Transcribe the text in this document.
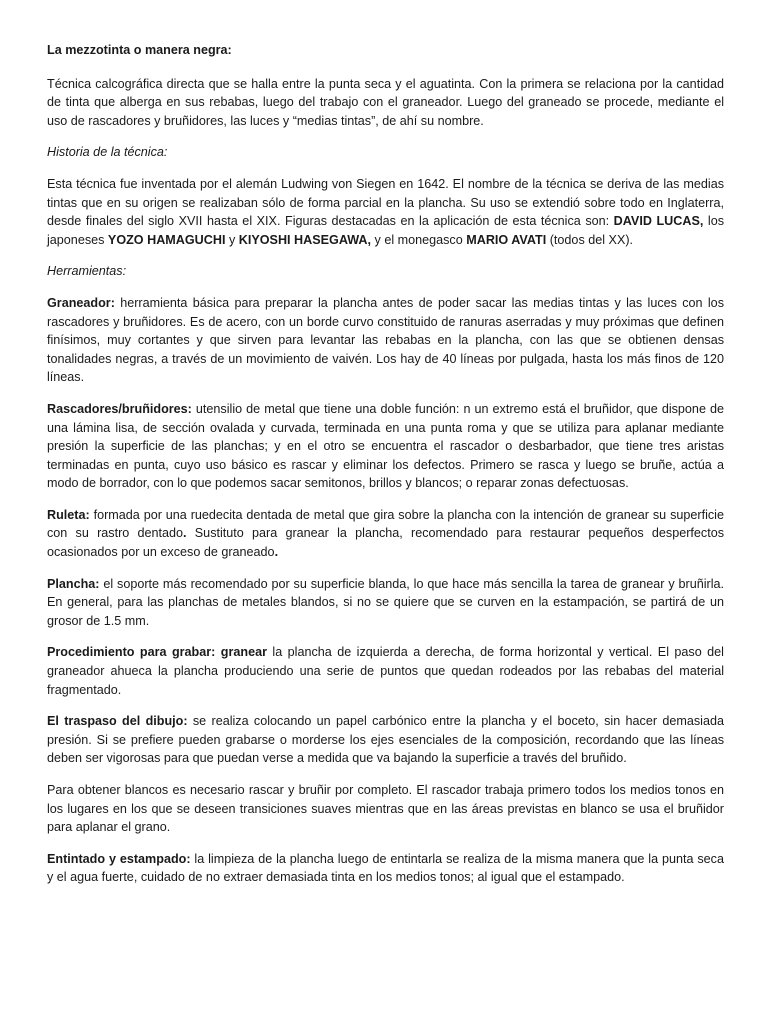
La mezzotinta o manera negra:

Técnica calcográfica directa que se halla entre la punta seca y el aguatinta. Con la primera se relaciona por la cantidad de tinta que alberga en sus rebabas, luego del trabajo con el graneador. Luego del graneado se procede, mediante el uso de rascadores y bruñidores, las luces y “medias tintas”, de ahí su nombre.

Historia de la técnica:

Esta técnica fue inventada por el alemán Ludwing von Siegen en 1642. El nombre de la técnica se deriva de las medias tintas que en su origen se realizaban sólo de forma parcial en la plancha. Su uso se extendió sobre todo en Inglaterra, desde finales del siglo XVII hasta el XIX. Figuras destacadas en la aplicación de esta técnica son: DAVID LUCAS, los japoneses YOZO HAMAGUCHI y KIYOSHI HASEGAWA, y el monegasco MARIO AVATI (todos del XX).

Herramientas:

Graneador: herramienta básica para preparar la plancha antes de poder sacar las medias tintas y las luces con los rascadores y bruñidores. Es de acero, con un borde curvo constituido de ranuras aserradas y muy próximas que definen finísimos, muy cortantes y que sirven para levantar las rebabas en la plancha, con las que se obtienen densas tonalidades negras, a través de un movimiento de vaivén. Los hay de 40 líneas por pulgada, hasta los más finos de 120 líneas.

Rascadores/bruñidores: utensilio de metal que tiene una doble función: n un extremo está el bruñidor, que dispone de una lámina lisa, de sección ovalada y curvada, terminada en una punta roma y que se utiliza para aplanar mediante presión la superficie de las planchas; y en el otro se encuentra el rascador o desbarbador, que tiene tres aristas terminadas en punta, cuyo uso básico es rascar y eliminar los defectos. Primero se rasca y luego se bruñe, actúa a modo de borrador, con lo que podemos sacar semitonos, brillos y blancos; o reparar zonas defectuosas.

Ruleta: formada por una ruedecita dentada de metal que gira sobre la plancha con la intención de granear su superficie con su rastro dentado. Sustituto para granear la plancha, recomendado para restaurar pequeños desperfectos ocasionados por un exceso de graneado.

Plancha: el soporte más recomendado por su superficie blanda, lo que hace más sencilla la tarea de granear y bruñirla. En general, para las planchas de metales blandos, si no se quiere que se curven en la estampación, se partirá de un grosor de 1.5 mm.

Procedimiento para grabar: granear la plancha de izquierda a derecha, de forma horizontal y vertical. El paso del graneador ahueca la plancha produciendo una serie de puntos que quedan rodeados por las rebabas del material fragmentado.

El traspaso del dibujo: se realiza colocando un papel carbónico entre la plancha y el boceto, sin hacer demasiada presión. Si se prefiere pueden grabarse o morderse los ejes esenciales de la composición, recordando que las líneas deben ser vigorosas para que puedan verse a medida que va bajando la superficie a través del bruñido.

Para obtener blancos es necesario rascar y bruñir por completo. El rascador trabaja primero todos los medios tonos en los lugares en los que se deseen transiciones suaves mientras que en las áreas previstas en blanco se usa el bruñidor para aplanar el grano.

Entintado y estampado: la limpieza de la plancha luego de entintarla se realiza de la misma manera que la punta seca y el agua fuerte, cuidado de no extraer demasiada tinta en los medios tonos; al igual que el estampado.
